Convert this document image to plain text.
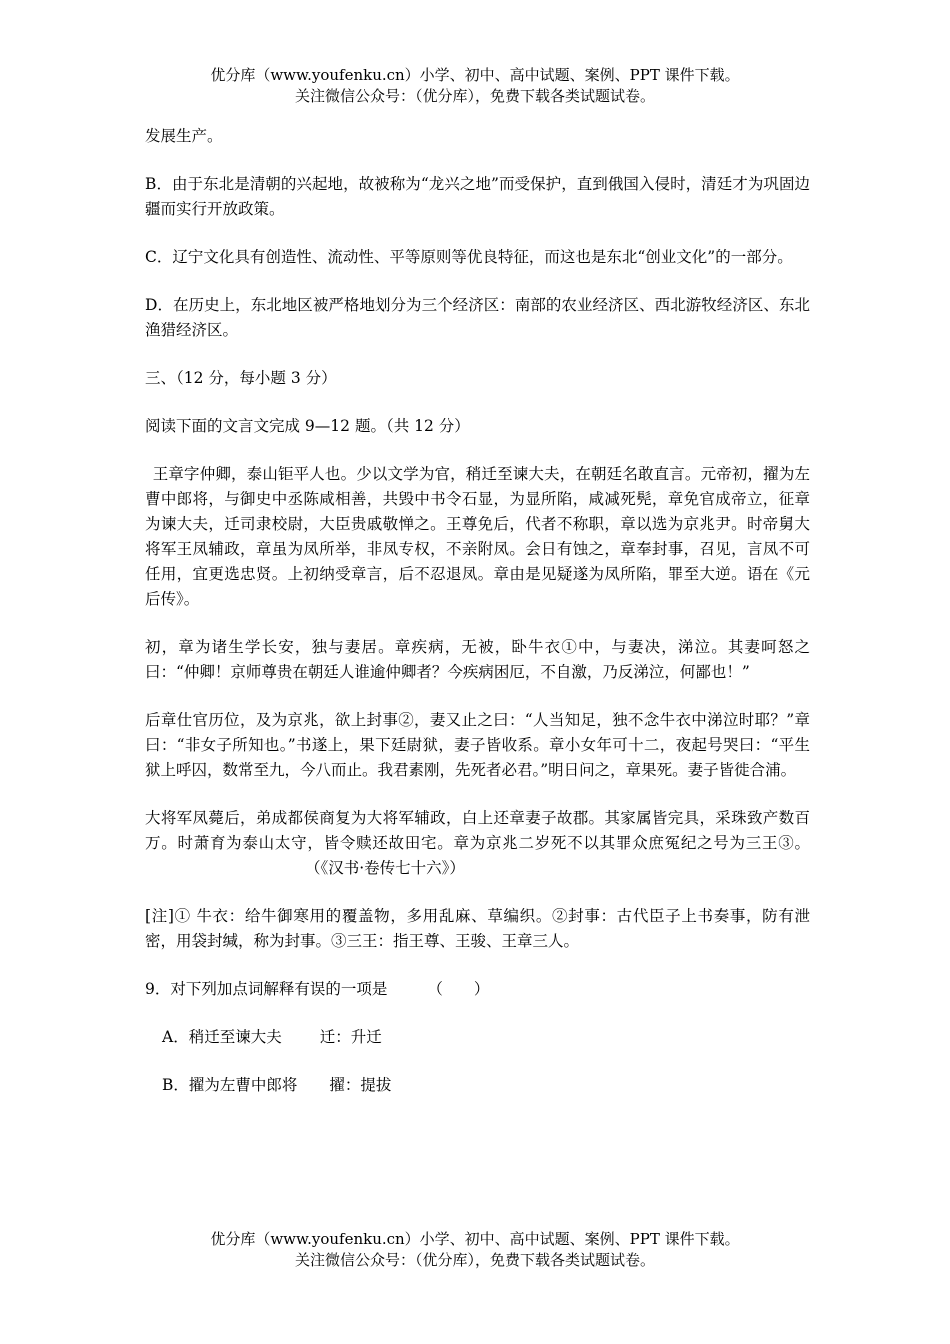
优分库（www.youfenku.cn）小学、初中、高中试题、案例、PPT 课件下载。
关注微信公众号：（优分库），免费下载各类试题试卷。

发展生产。

B．由于东北是清朝的兴起地，故被称为“龙兴之地”而受保护，直到俄国入侵时，清廷才为巩固边疆而实行开放政策。

C．辽宁文化具有创造性、流动性、平等原则等优良特征，而这也是东北“创业文化”的一部分。

D．在历史上，东北地区被严格地划分为三个经济区：南部的农业经济区、西北游牧经济区、东北渔猎经济区。

三、（12 分，每小题 3 分）

阅读下面的文言文完成 9—12 题。（共 12 分）

王章字仲卿，泰山钜平人也。少以文学为官，稍迁至谏大夫，在朝廷名敢直言。元帝初，擢为左曹中郎将，与御史中丞陈咸相善，共毁中书令石显，为显所陷，咸减死髡，章免官成帝立，征章为谏大夫，迁司隶校尉，大臣贵戚敬惮之。王尊免后，代者不称职，章以选为京兆尹。时帝舅大将军王凤辅政，章虽为凤所举，非凤专权，不亲附凤。会日有蚀之，章奉封事，召见，言凤不可任用，宜更选忠贤。上初纳受章言，后不忍退凤。章由是见疑遂为凤所陷，罪至大逆。语在《元后传》。

初，章为诸生学长安，独与妻居。章疾病，无被，卧牛衣①中，与妻决，涕泣。其妻呵怒之曰：“仲卿！京师尊贵在朝廷人谁逾仲卿者？今疾病困厄，不自激，乃反涕泣，何鄙也！”

后章仕官历位，及为京兆，欲上封事②，妻又止之曰：“人当知足，独不念牛衣中涕泣时耶？”章曰：“非女子所知也。”书遂上，果下廷尉狱，妻子皆收系。章小女年可十二，夜起号哭曰：“平生狱上呼囚，数常至九，今八而止。我君素刚，先死者必君。”明日问之，章果死。妻子皆徙合浦。

大将军凤薨后，弟成都侯商复为大将军辅政，白上还章妻子故郡。其家属皆完具，采珠致产数百万。时萧育为泰山太守，皆令赎还故田宅。章为京兆二岁死不以其罪众庶冤纪之号为三王③。（《汉书·卷传七十六》）

[注]① 牛衣：给牛御寒用的覆盖物，多用乱麻、草编织。②封事：古代臣子上书奏事，防有泄密，用袋封缄，称为封事。③三王：指王尊、王骏、王章三人。

9．对下列加点词解释有误的一项是	（　　）

A．稍迁至谏大夫 迁：升迁
B．擢为左曹中郎将 擢：提拔
优分库（www.youfenku.cn）小学、初中、高中试题、案例、PPT 课件下载。
关注微信公众号：（优分库），免费下载各类试题试卷。
